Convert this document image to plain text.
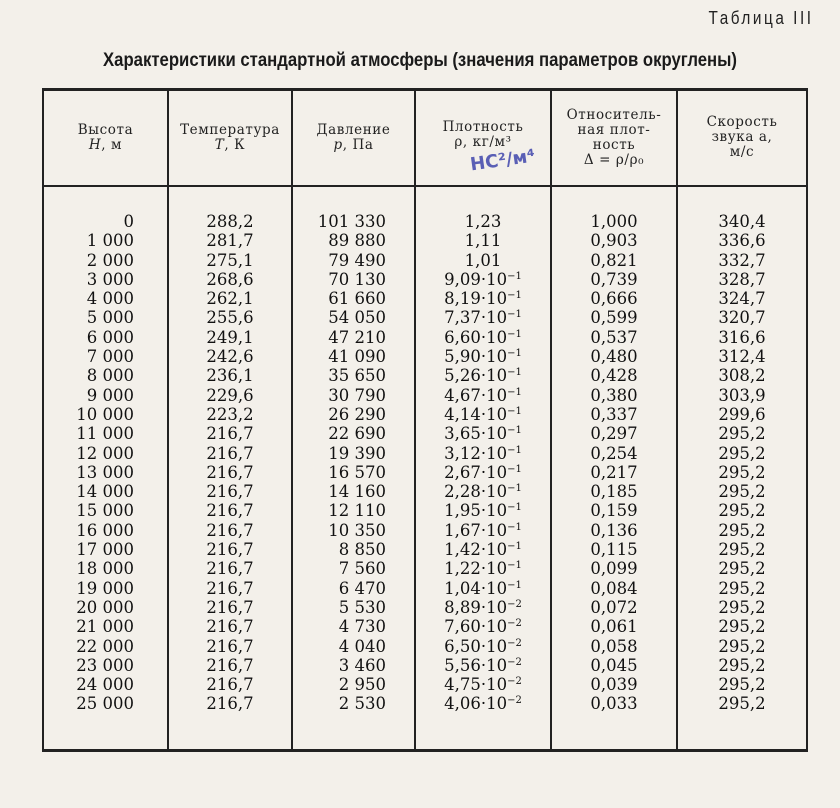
Таблица III
Характеристики стандартной атмосферы (значения параметров округлены)
Высота
H, м
Температура
T, К
Давление
p, Па
Плотность
ρ, кг/м³
НС²/м⁴
Относитель-
ная плот-
ность
Δ = ρ/ρ₀
Скорость
звука a,
м/с
0
1 000
2 000
3 000
4 000
5 000
6 000
7 000
8 000
9 000
10 000
11 000
12 000
13 000
14 000
15 000
16 000
17 000
18 000
19 000
20 000
21 000
22 000
23 000
24 000
25 000
288,2
281,7
275,1
268,6
262,1
255,6
249,1
242,6
236,1
229,6
223,2
216,7
216,7
216,7
216,7
216,7
216,7
216,7
216,7
216,7
216,7
216,7
216,7
216,7
216,7
216,7
101 330
89 880
79 490
70 130
61 660
54 050
47 210
41 090
35 650
30 790
26 290
22 690
19 390
16 570
14 160
12 110
10 350
8 850
7 560
6 470
5 530
4 730
4 040
3 460
2 950
2 530
1,23
1,11
1,01
$9,09\cdot 10^{-1}$
$8,19\cdot 10^{-1}$
$7,37\cdot 10^{-1}$
$6,60\cdot 10^{-1}$
$5,90\cdot 10^{-1}$
$5,26\cdot 10^{-1}$
$4,67\cdot 10^{-1}$
$4,14\cdot 10^{-1}$
$3,65\cdot 10^{-1}$
$3,12\cdot 10^{-1}$
$2,67\cdot 10^{-1}$
$2,28\cdot 10^{-1}$
$1,95\cdot 10^{-1}$
$1,67\cdot 10^{-1}$
$1,42\cdot 10^{-1}$
$1,22\cdot 10^{-1}$
$1,04\cdot 10^{-1}$
$8,89\cdot 10^{-2}$
$7,60\cdot 10^{-2}$
$6,50\cdot 10^{-2}$
$5,56\cdot 10^{-2}$
$4,75\cdot 10^{-2}$
$4,06\cdot 10^{-2}$
1,000
0,903
0,821
0,739
0,666
0,599
0,537
0,480
0,428
0,380
0,337
0,297
0,254
0,217
0,185
0,159
0,136
0,115
0,099
0,084
0,072
0,061
0,058
0,045
0,039
0,033
340,4
336,6
332,7
328,7
324,7
320,7
316,6
312,4
308,2
303,9
299,6
295,2
295,2
295,2
295,2
295,2
295,2
295,2
295,2
295,2
295,2
295,2
295,2
295,2
295,2
295,2
